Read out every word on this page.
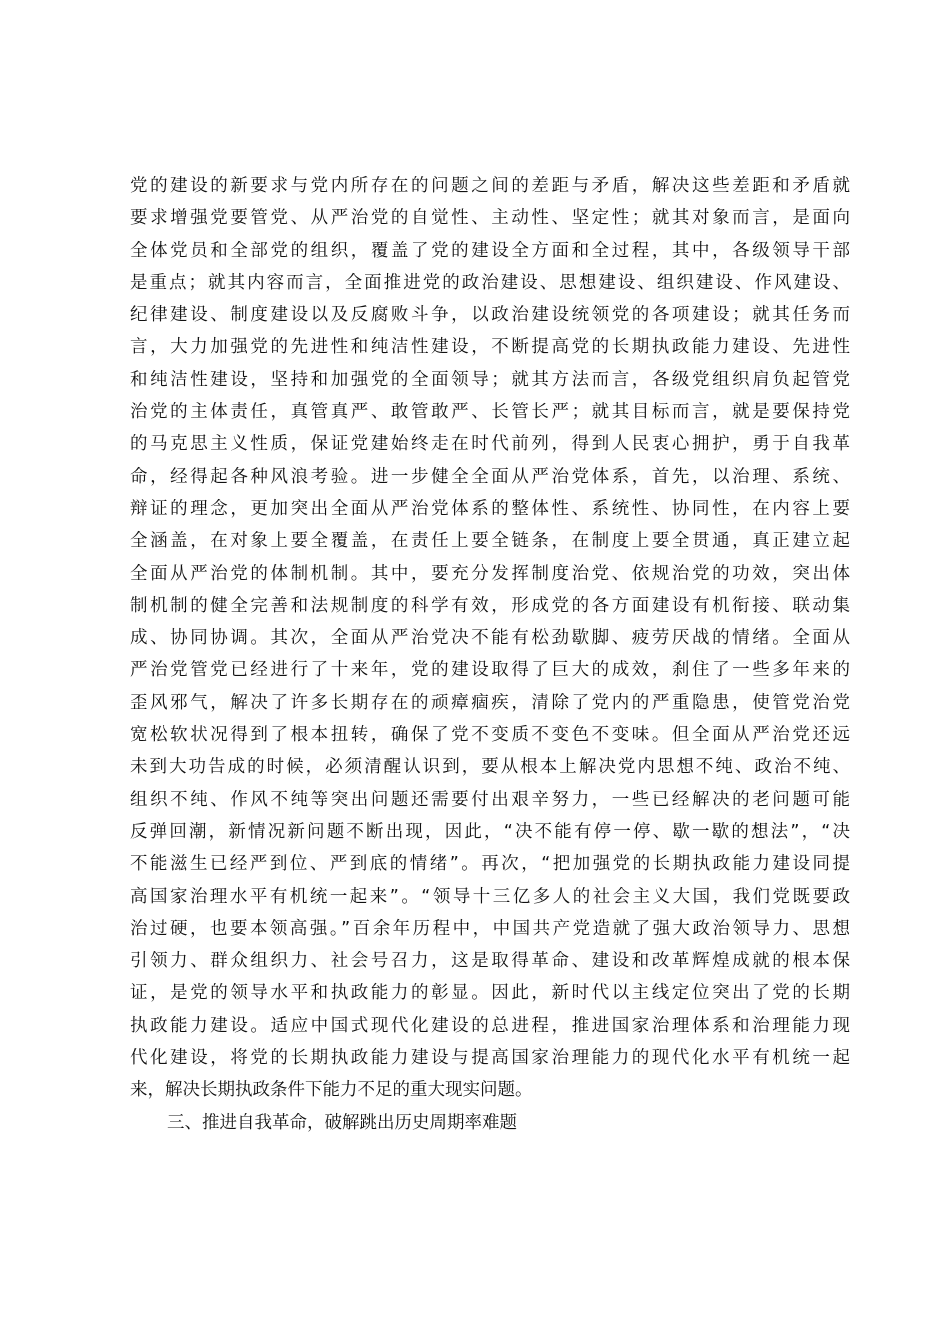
党的建设的新要求与党内所存在的问题之间的差距与矛盾，解决这些差距和矛盾就
要求增强党要管党、从严治党的自觉性、主动性、坚定性；就其对象而言，是面向
全体党员和全部党的组织，覆盖了党的建设全方面和全过程，其中，各级领导干部
是重点；就其内容而言，全面推进党的政治建设、思想建设、组织建设、作风建设、
纪律建设、制度建设以及反腐败斗争，以政治建设统领党的各项建设；就其任务而
言，大力加强党的先进性和纯洁性建设，不断提高党的长期执政能力建设、先进性
和纯洁性建设，坚持和加强党的全面领导；就其方法而言，各级党组织肩负起管党
治党的主体责任，真管真严、敢管敢严、长管长严；就其目标而言，就是要保持党
的马克思主义性质，保证党建始终走在时代前列，得到人民衷心拥护，勇于自我革
命，经得起各种风浪考验。进一步健全全面从严治党体系，首先，以治理、系统、
辩证的理念，更加突出全面从严治党体系的整体性、系统性、协同性，在内容上要
全涵盖，在对象上要全覆盖，在责任上要全链条，在制度上要全贯通，真正建立起
全面从严治党的体制机制。其中，要充分发挥制度治党、依规治党的功效，突出体
制机制的健全完善和法规制度的科学有效，形成党的各方面建设有机衔接、联动集
成、协同协调。其次，全面从严治党决不能有松劲歇脚、疲劳厌战的情绪。全面从
严治党管党已经进行了十来年，党的建设取得了巨大的成效，刹住了一些多年来的
歪风邪气，解决了许多长期存在的顽瘴痼疾，清除了党内的严重隐患，使管党治党
宽松软状况得到了根本扭转，确保了党不变质不变色不变味。但全面从严治党还远
未到大功告成的时候，必须清醒认识到，要从根本上解决党内思想不纯、政治不纯、
组织不纯、作风不纯等突出问题还需要付出艰辛努力，一些已经解决的老问题可能
反弹回潮，新情况新问题不断出现，因此，“决不能有停一停、歇一歇的想法”，“决
不能滋生已经严到位、严到底的情绪”。再次，“把加强党的长期执政能力建设同提
高国家治理水平有机统一起来”。“领导十三亿多人的社会主义大国，我们党既要政
治过硬，也要本领高强。”百余年历程中，中国共产党造就了强大政治领导力、思想
引领力、群众组织力、社会号召力，这是取得革命、建设和改革辉煌成就的根本保
证，是党的领导水平和执政能力的彰显。因此，新时代以主线定位突出了党的长期
执政能力建设。适应中国式现代化建设的总进程，推进国家治理体系和治理能力现
代化建设，将党的长期执政能力建设与提高国家治理能力的现代化水平有机统一起
来，解决长期执政条件下能力不足的重大现实问题。
三、推进自我革命，破解跳出历史周期率难题
